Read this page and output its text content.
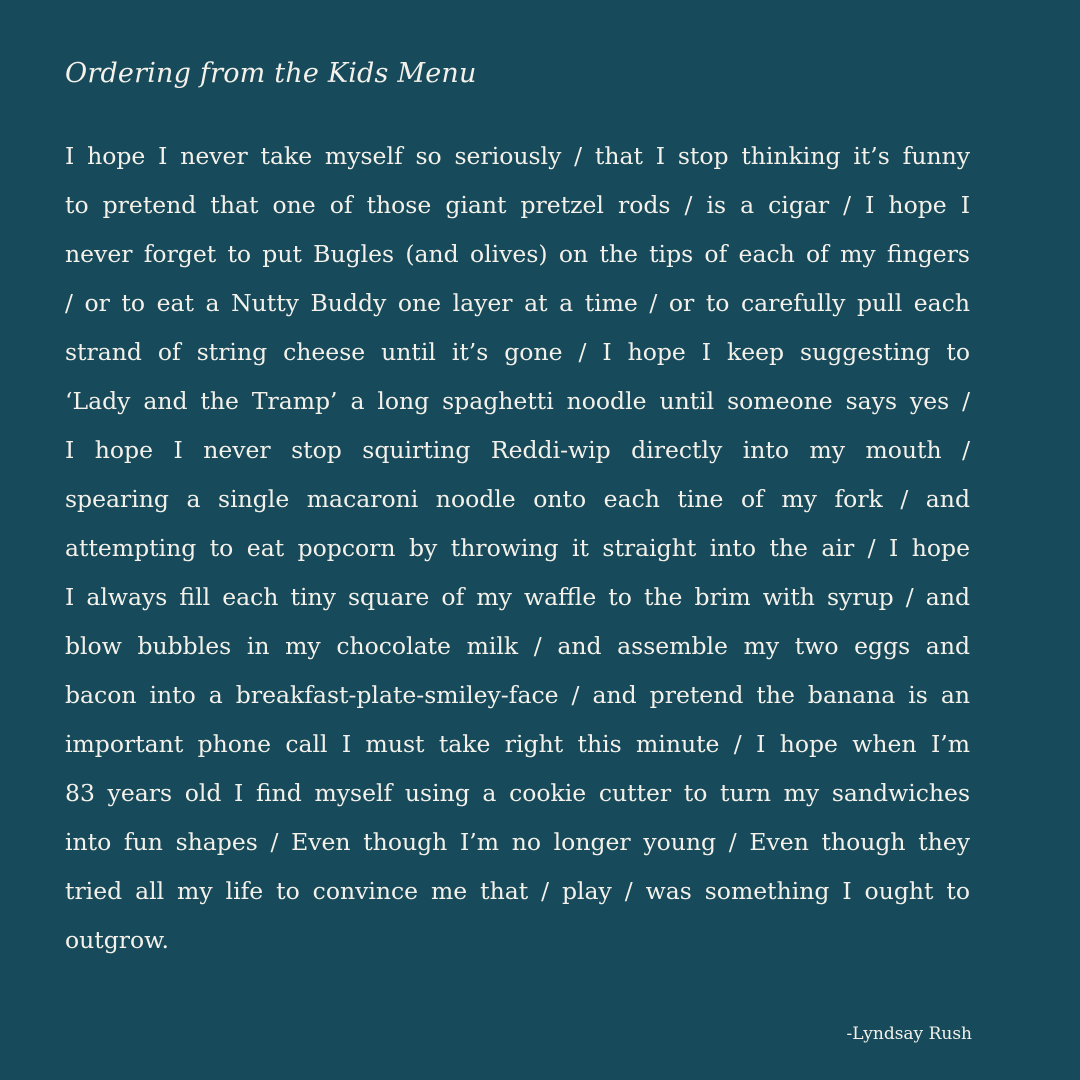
Ordering from the Kids Menu
I hope I never take myself so seriously / that I stop thinking it’s funny
to pretend that one of those giant pretzel rods / is a cigar / I hope I
never forget to put Bugles (and olives) on the tips of each of my fingers
/ or to eat a Nutty Buddy one layer at a time / or to carefully pull each
strand of string cheese until it’s gone / I hope I keep suggesting to
‘Lady and the Tramp’ a long spaghetti noodle until someone says yes /
I hope I never stop squirting Reddi-wip directly into my mouth /
spearing a single macaroni noodle onto each tine of my fork / and
attempting to eat popcorn by throwing it straight into the air / I hope
I always fill each tiny square of my waffle to the brim with syrup / and
blow bubbles in my chocolate milk / and assemble my two eggs and
bacon into a breakfast-plate-smiley-face / and pretend the banana is an
important phone call I must take right this minute / I hope when I’m
83 years old I find myself using a cookie cutter to turn my sandwiches
into fun shapes / Even though I’m no longer young / Even though they
tried all my life to convince me that / play / was something I ought to
outgrow.
-Lyndsay Rush
